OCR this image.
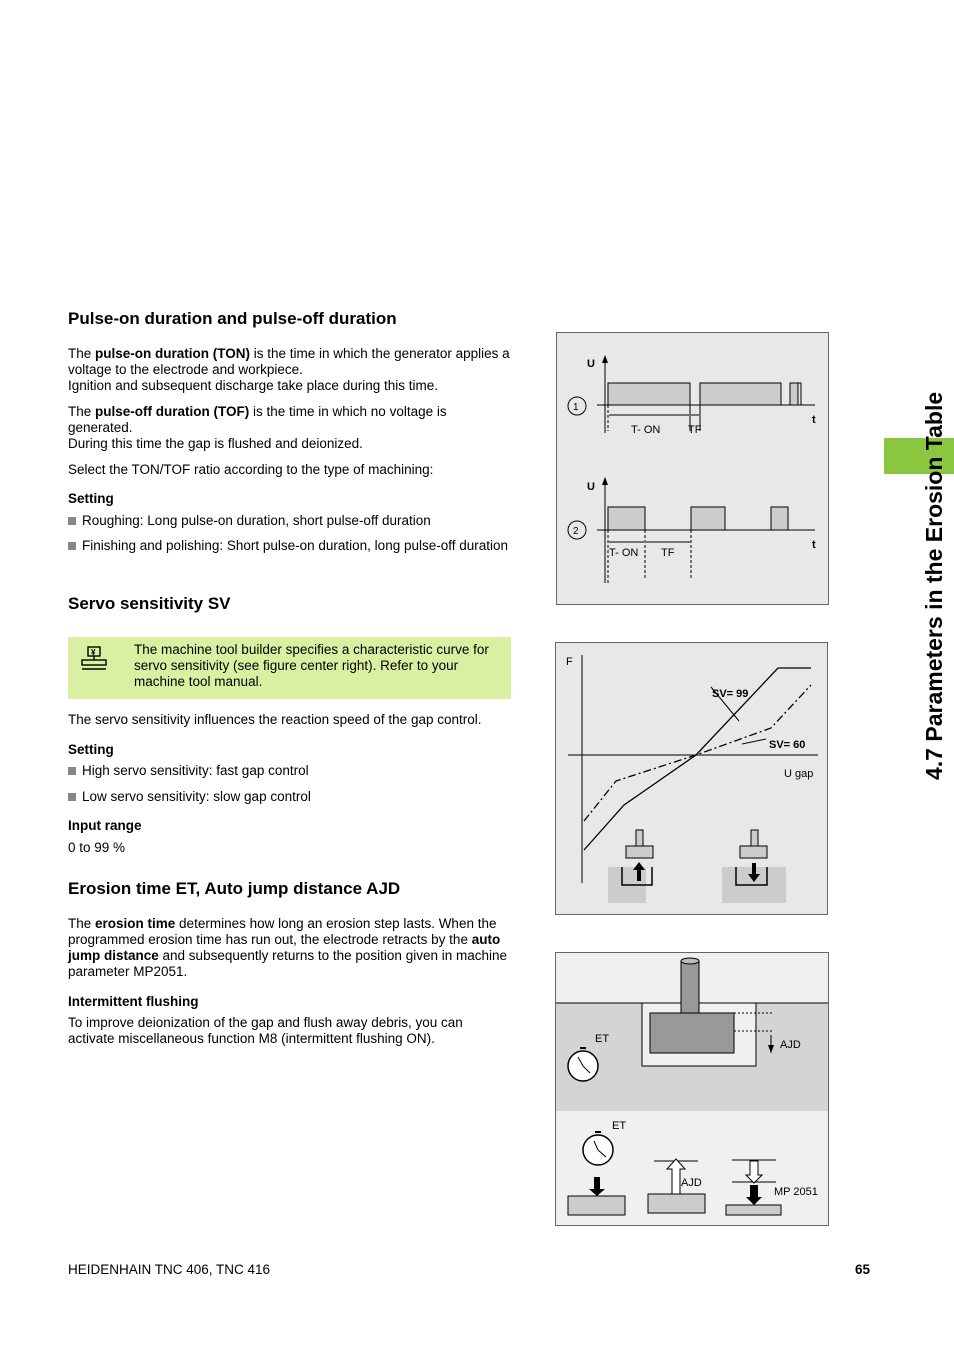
4.7 Parameters in the Erosion Table
Pulse-on duration and pulse-off duration

The pulse-on duration (TON) is the time in which the generator applies a voltage to the electrode and workpiece.
Ignition and subsequent discharge take place during this time.

The pulse-off duration (TOF) is the time in which no voltage is generated.
During this time the gap is flushed and deionized.

Select the TON/TOF ratio according to the type of machining:

Setting
Roughing: Long pulse-on duration, short pulse-off duration
Finishing and polishing: Short pulse-on duration, long pulse-off duration
Servo sensitivity SV
¥	The machine tool builder specifies a characteristic curve for servo sensitivity (see figure center right). Refer to your machine tool manual.

The servo sensitivity influences the reaction speed of the gap control.

Setting
High servo sensitivity: fast gap control
Low servo sensitivity: slow gap control
Input range

0 to 99 %

Erosion time ET, Auto jump distance AJD

The erosion time determines how long an erosion step lasts. When the programmed erosion time has run out, the electrode retracts by the auto jump distance and subsequently returns to the position given in machine parameter MP2051.

Intermittent flushing

To improve deionization of the gap and flush away debris, you can activate miscellaneous function M8 (intermittent flushing ON).

U
t
1
T- ON	TF
U
t
2
T- ON TF
F
SV= 99
SV= 60
U gap
AJD
ET
ET
AJD
MP 2051
HEIDENHAIN TNC 406, TNC 416	65
